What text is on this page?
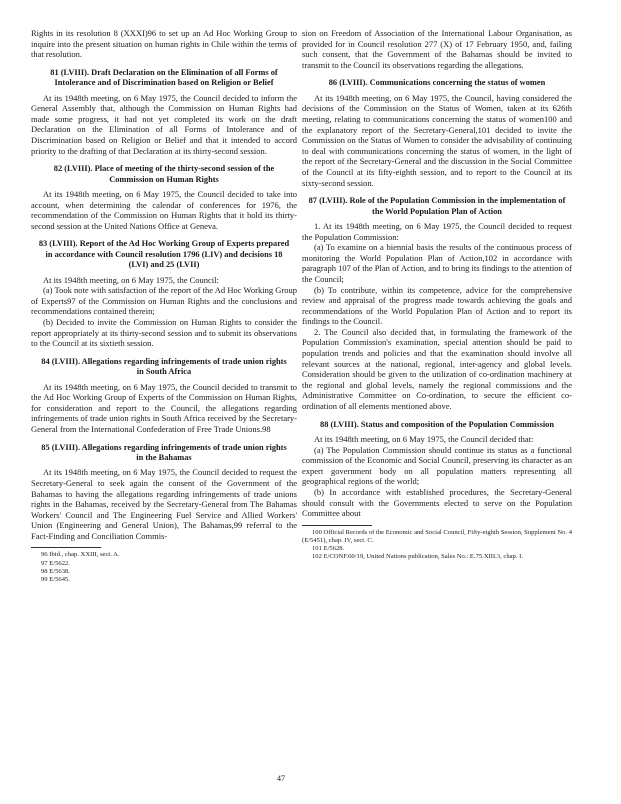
Rights in its resolution 8 (XXXI)96 to set up an Ad Hoc Working Group to inquire into the present situation on human rights in Chile within the terms of that resolution.

81 (LVIII). Draft Declaration on the Elimination of all Forms of Intolerance and of Discrimination based on Religion or Belief

At its 1948th meeting, on 6 May 1975, the Council decided to inform the General Assembly that, although the Commission on Human Rights had made some progress, it had not yet completed its work on the draft Declaration on the Elimination of all Forms of Intolerance and of Discrimination based on Religion or Belief and that it intended to accord priority to the drafting of that Declaration at its thirty-second session.

82 (LVIII). Place of meeting of the thirty-second session of the Commission on Human Rights

At its 1948th meeting, on 6 May 1975, the Council decided to take into account, when determining the calendar of conferences for 1976, the recommendation of the Commission on Human Rights that it hold its thirty-second session at the United Nations Office at Geneva.

83 (LVIII). Report of the Ad Hoc Working Group of Experts prepared in accordance with Council resolution 1796 (LIV) and decisions 18 (LVI) and 25 (LVII)

At its 1948th meeting, on 6 May 1975, the Council:

(a) Took note with satisfaction of the report of the Ad Hoc Working Group of Experts97 of the Commission on Human Rights and the conclusions and recommendations contained therein;

(b) Decided to invite the Commission on Human Rights to consider the report appropriately at its thirty-second session and to submit its observations to the Council at its sixtieth session.

84 (LVIII). Allegations regarding infringements of trade union rights in South Africa

At its 1948th meeting, on 6 May 1975, the Council decided to transmit to the Ad Hoc Working Group of Experts of the Commission on Human Rights, for consideration and report to the Council, the allegations regarding infringements of trade union rights in South Africa received by the Secretary-General from the International Confederation of Free Trade Unions.98

85 (LVIII). Allegations regarding infringements of trade union rights in the Bahamas

At its 1948th meeting, on 6 May 1975, the Council decided to request the Secretary-General to seek again the consent of the Government of the Bahamas to having the allegations regarding infringements of trade unions rights in the Bahamas, received by the Secretary-General from The Bahamas Workers' Council and The Engineering Fuel Service and Allied Workers' Union (Engineering and General Union), The Bahamas,99 referral to the Fact-Finding and Conciliation Commis-

96 Ibid., chap. XXIII, sect. A.

97 E/5622.

98 E/5638.

99 E/5645.

sion on Freedom of Association of the International Labour Organisation, as provided for in Council resolution 277 (X) of 17 February 1950, and, failing such consent, that the Government of the Bahamas should be invited to transmit to the Council its observations regarding the allegations.

86 (LVIII). Communications concerning the status of women

At its 1948th meeting, on 6 May 1975, the Council, having considered the decisions of the Commission on the Status of Women, taken at its 626th meeting, relating to communications concerning the status of women100 and the explanatory report of the Secretary-General,101 decided to invite the Commission on the Status of Women to consider the advisability of continuing to deal with communications concerning the status of women, in the light of the report of the Secretary-General and the discussion in the Social Committee of the Council at its fifty-eighth session, and to report to the Council at its sixty-second session.

87 (LVIII). Role of the Population Commission in the implementation of the World Population Plan of Action

1. At its 1948th meeting, on 6 May 1975, the Council decided to request the Population Commission:

(a) To examine on a biennial basis the results of the continuous process of monitoring the World Population Plan of Action,102 in accordance with paragraph 107 of the Plan of Action, and to bring its findings to the attention of the Council;

(b) To contribute, within its competence, advice for the comprehensive review and appraisal of the progress made towards achieving the goals and recommendations of the World Population Plan of Action and to report its findings to the Council.

2. The Council also decided that, in formulating the framework of the Population Commission's examination, special attention should be paid to population trends and policies and that the examination should involve all relevant sources at the national, regional, inter-agency and global levels. Consideration should be given to the utilization of co-ordination machinery at the regional and global levels, namely the regional commissions and the Administrative Committee on Co-ordination, to secure the efficient co-ordination of all elements mentioned above.

88 (LVIII). Status and composition of the Population Commission

At its 1948th meeting, on 6 May 1975, the Council decided that:

(a) The Population Commission should continue its status as a functional commission of the Economic and Social Council, preserving its character as an expert government body on all population matters representing all geographical regions of the world;

(b) In accordance with established procedures, the Secretary-General should consult with the Governments elected to serve on the Population Committee about

100 Official Records of the Economic and Social Council, Fifty-eighth Session, Supplement No. 4 (E/5451), chap. IV, sect. C.

101 E/5628.

102 E/CONF.60/19, United Nations publication, Sales No.: E.75.XIII.3, chap. I.

47
